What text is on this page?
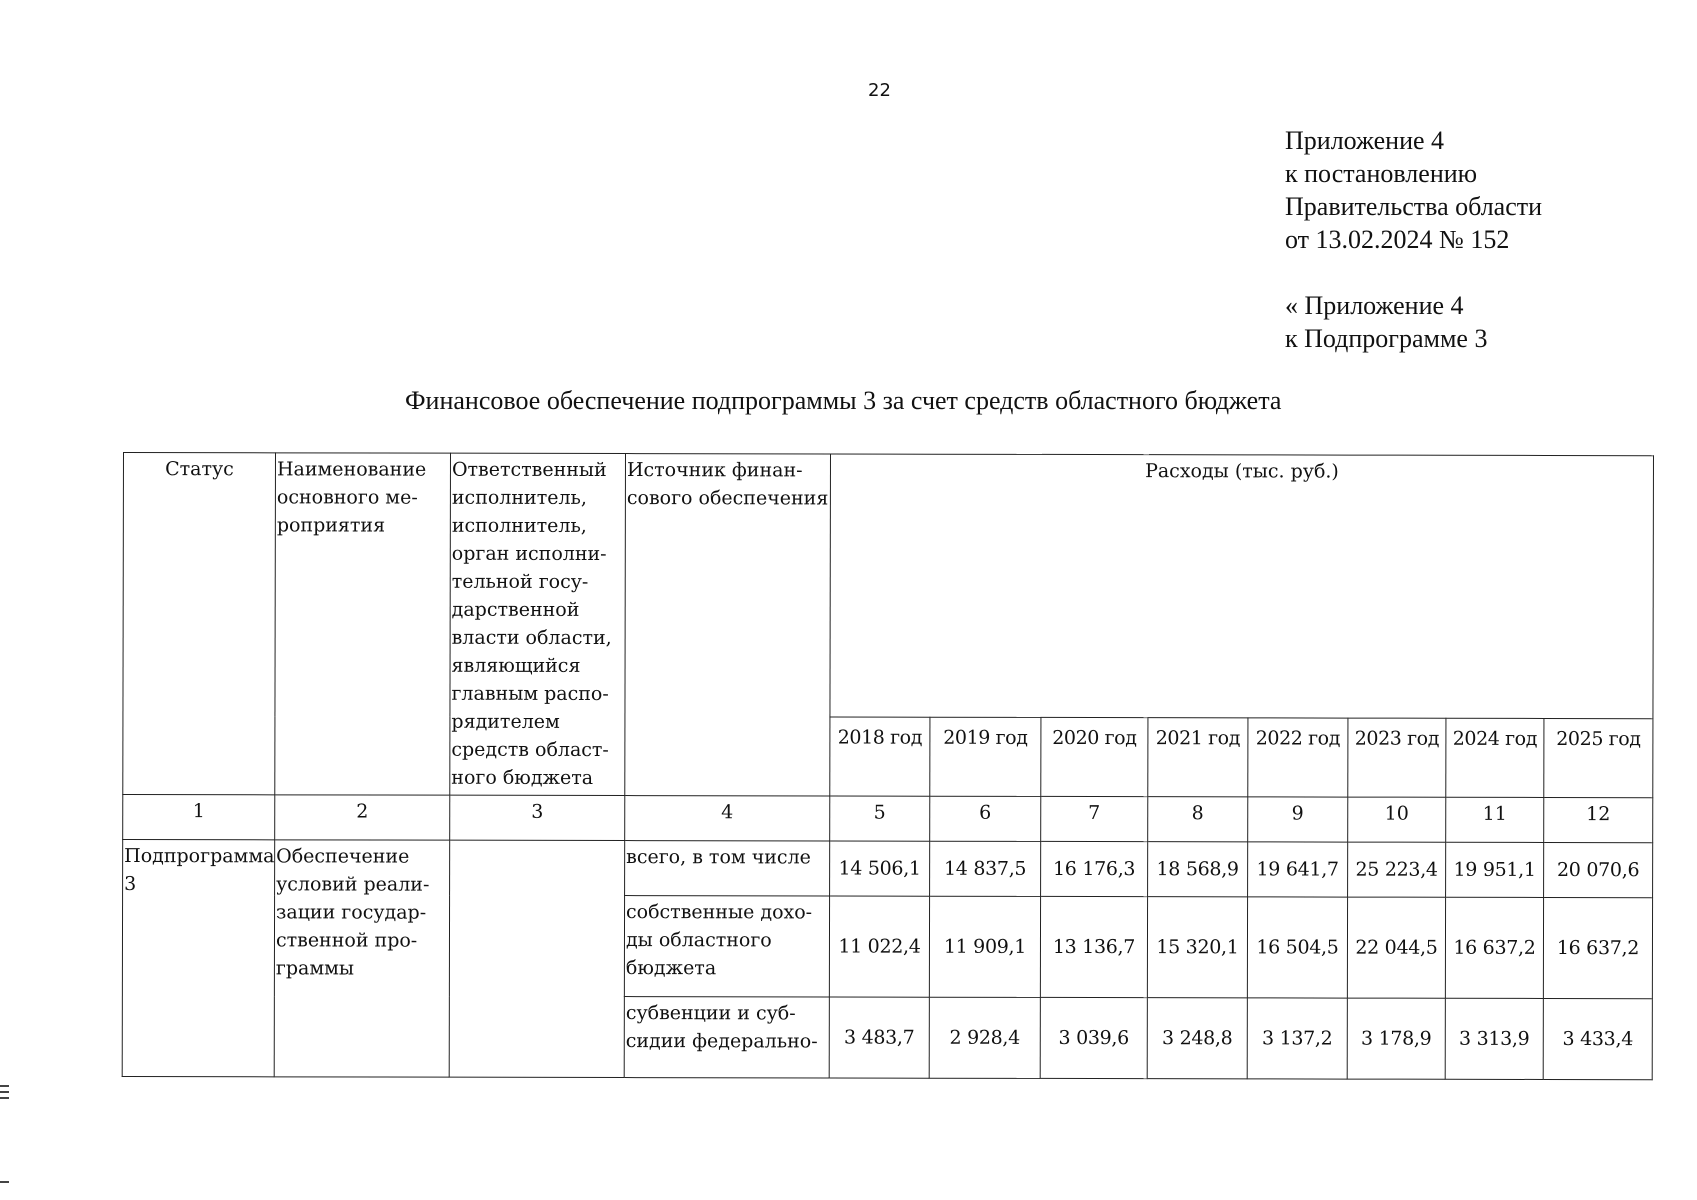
22
Приложение 4
к постановлению
Правительства области
от 13.02.2024 № 152
« Приложение 4
к Подпрограмме 3
Финансовое обеспечение подпрограммы 3 за счет средств областного бюджета
Статус	Наименование основного ме-роприятия	Ответственный исполнитель, исполнитель, орган исполни-тельной госу-дарственной власти области, являющийся главным распо-рядителем средств област-ного бюджета	Источник финан-сового обеспечения	Расходы (тыс. руб.)							
				2018 год	2019 год	2020 год	2021 год	2022 год	2023 год	2024 год	2025 год
1	2	3	4	5	6	7	8	9	10	11	12
Подпрограмма 3	Обеспечение условий реали-зации государ-ственной про-граммы		всего, в том числе	14 506,1	14 837,5	16 176,3	18 568,9	19 641,7	25 223,4	19 951,1	20 070,6
			собственные дохо-ды областного бюджета	11 022,4	11 909,1	13 136,7	15 320,1	16 504,5	22 044,5	16 637,2	16 637,2
			субвенции и суб-сидии федерально-	3 483,7	2 928,4	3 039,6	3 248,8	3 137,2	3 178,9	3 313,9	3 433,4
